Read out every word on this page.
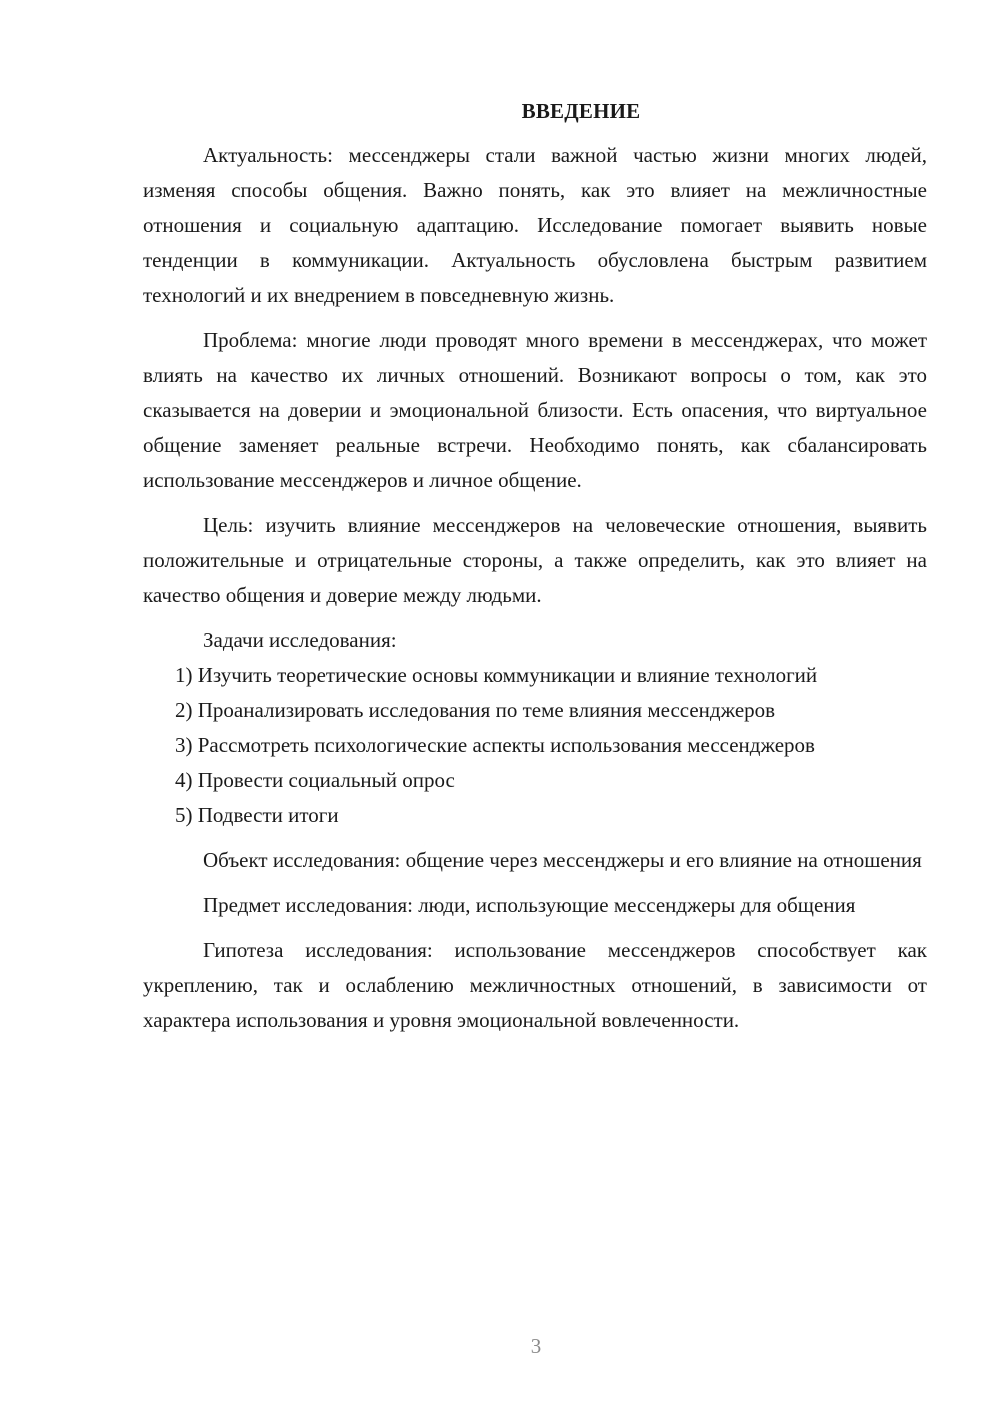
ВВЕДЕНИЕ

Актуальность: мессенджеры стали важной частью жизни многих людей, изменяя способы общения. Важно понять, как это влияет на межличностные отношения и социальную адаптацию. Исследование помогает выявить новые тенденции в коммуникации. Актуальность обусловлена быстрым развитием технологий и их внедрением в повседневную жизнь.

Проблема: многие люди проводят много времени в мессенджерах, что может влиять на качество их личных отношений. Возникают вопросы о том, как это сказывается на доверии и эмоциональной близости. Есть опасения, что виртуальное общение заменяет реальные встречи. Необходимо понять, как сбалансировать использование мессенджеров и личное общение.

Цель: изучить влияние мессенджеров на человеческие отношения, выявить положительные и отрицательные стороны, а также определить, как это влияет на качество общения и доверие между людьми.

Задачи исследования:

1) Изучить теоретические основы коммуникации и влияние технологий

2) Проанализировать исследования по теме влияния мессенджеров

3) Рассмотреть психологические аспекты использования мессенджеров

4) Провести социальный опрос

5) Подвести итоги

Объект исследования: общение через мессенджеры и его влияние на отношения

Предмет исследования: люди, использующие мессенджеры для общения

Гипотеза исследования: использование мессенджеров способствует как укреплению, так и ослаблению межличностных отношений, в зависимости от характера использования и уровня эмоциональной вовлеченности.

3
